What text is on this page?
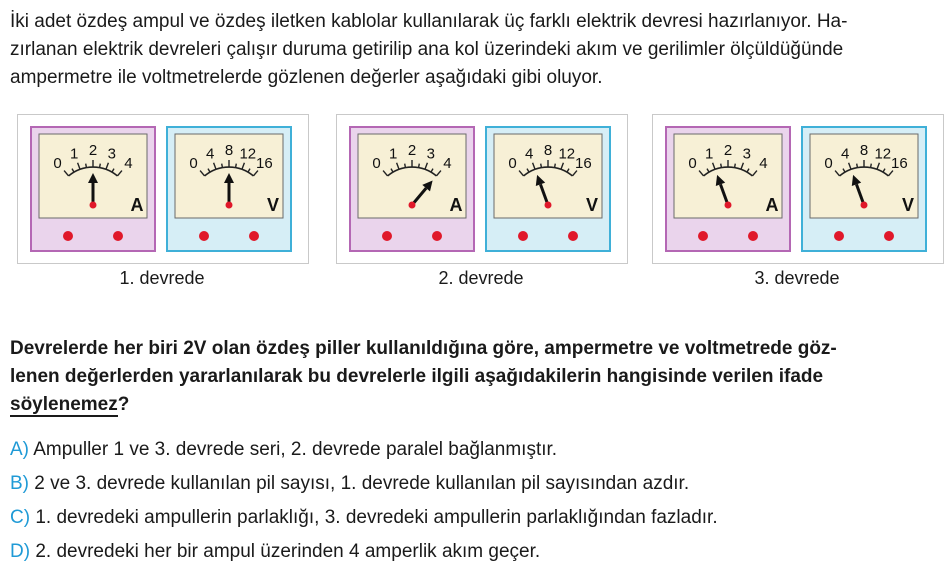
İki adet özdeş ampul ve özdeş iletken kablolar kullanılarak üç farklı elektrik devresi hazırlanıyor. Ha-
zırlanan elektrik devreleri çalışır duruma getirilip ana kol üzerindeki akım ve gerilimler ölçüldüğünde
ampermetre ile voltmetrelerde gözlenen değerler aşağıdaki gibi oluyor.

0
1 2 3
4
A
0
4 8 12
16
V
0
1 2 3
4
A
0
4 8 12
16
V
0
1 2 3
4
A
0
4 8 12
16
V
1. devrede	2. devrede	3. devrede

Devrelerde her biri 2V olan özdeş piller kullanıldığına göre, ampermetre ve voltmetrede göz-
lenen değerlerden yararlanılarak bu devrelerle ilgili aşağıdakilerin hangisinde verilen ifade
söylenemez?

A) Ampuller 1 ve 3. devrede seri, 2. devrede paralel bağlanmıştır.
B) 2 ve 3. devrede kullanılan pil sayısı, 1. devrede kullanılan pil sayısından azdır.
C) 1. devredeki ampullerin parlaklığı, 3. devredeki ampullerin parlaklığından fazladır.
D) 2. devredeki her bir ampul üzerinden 4 amperlik akım geçer.
